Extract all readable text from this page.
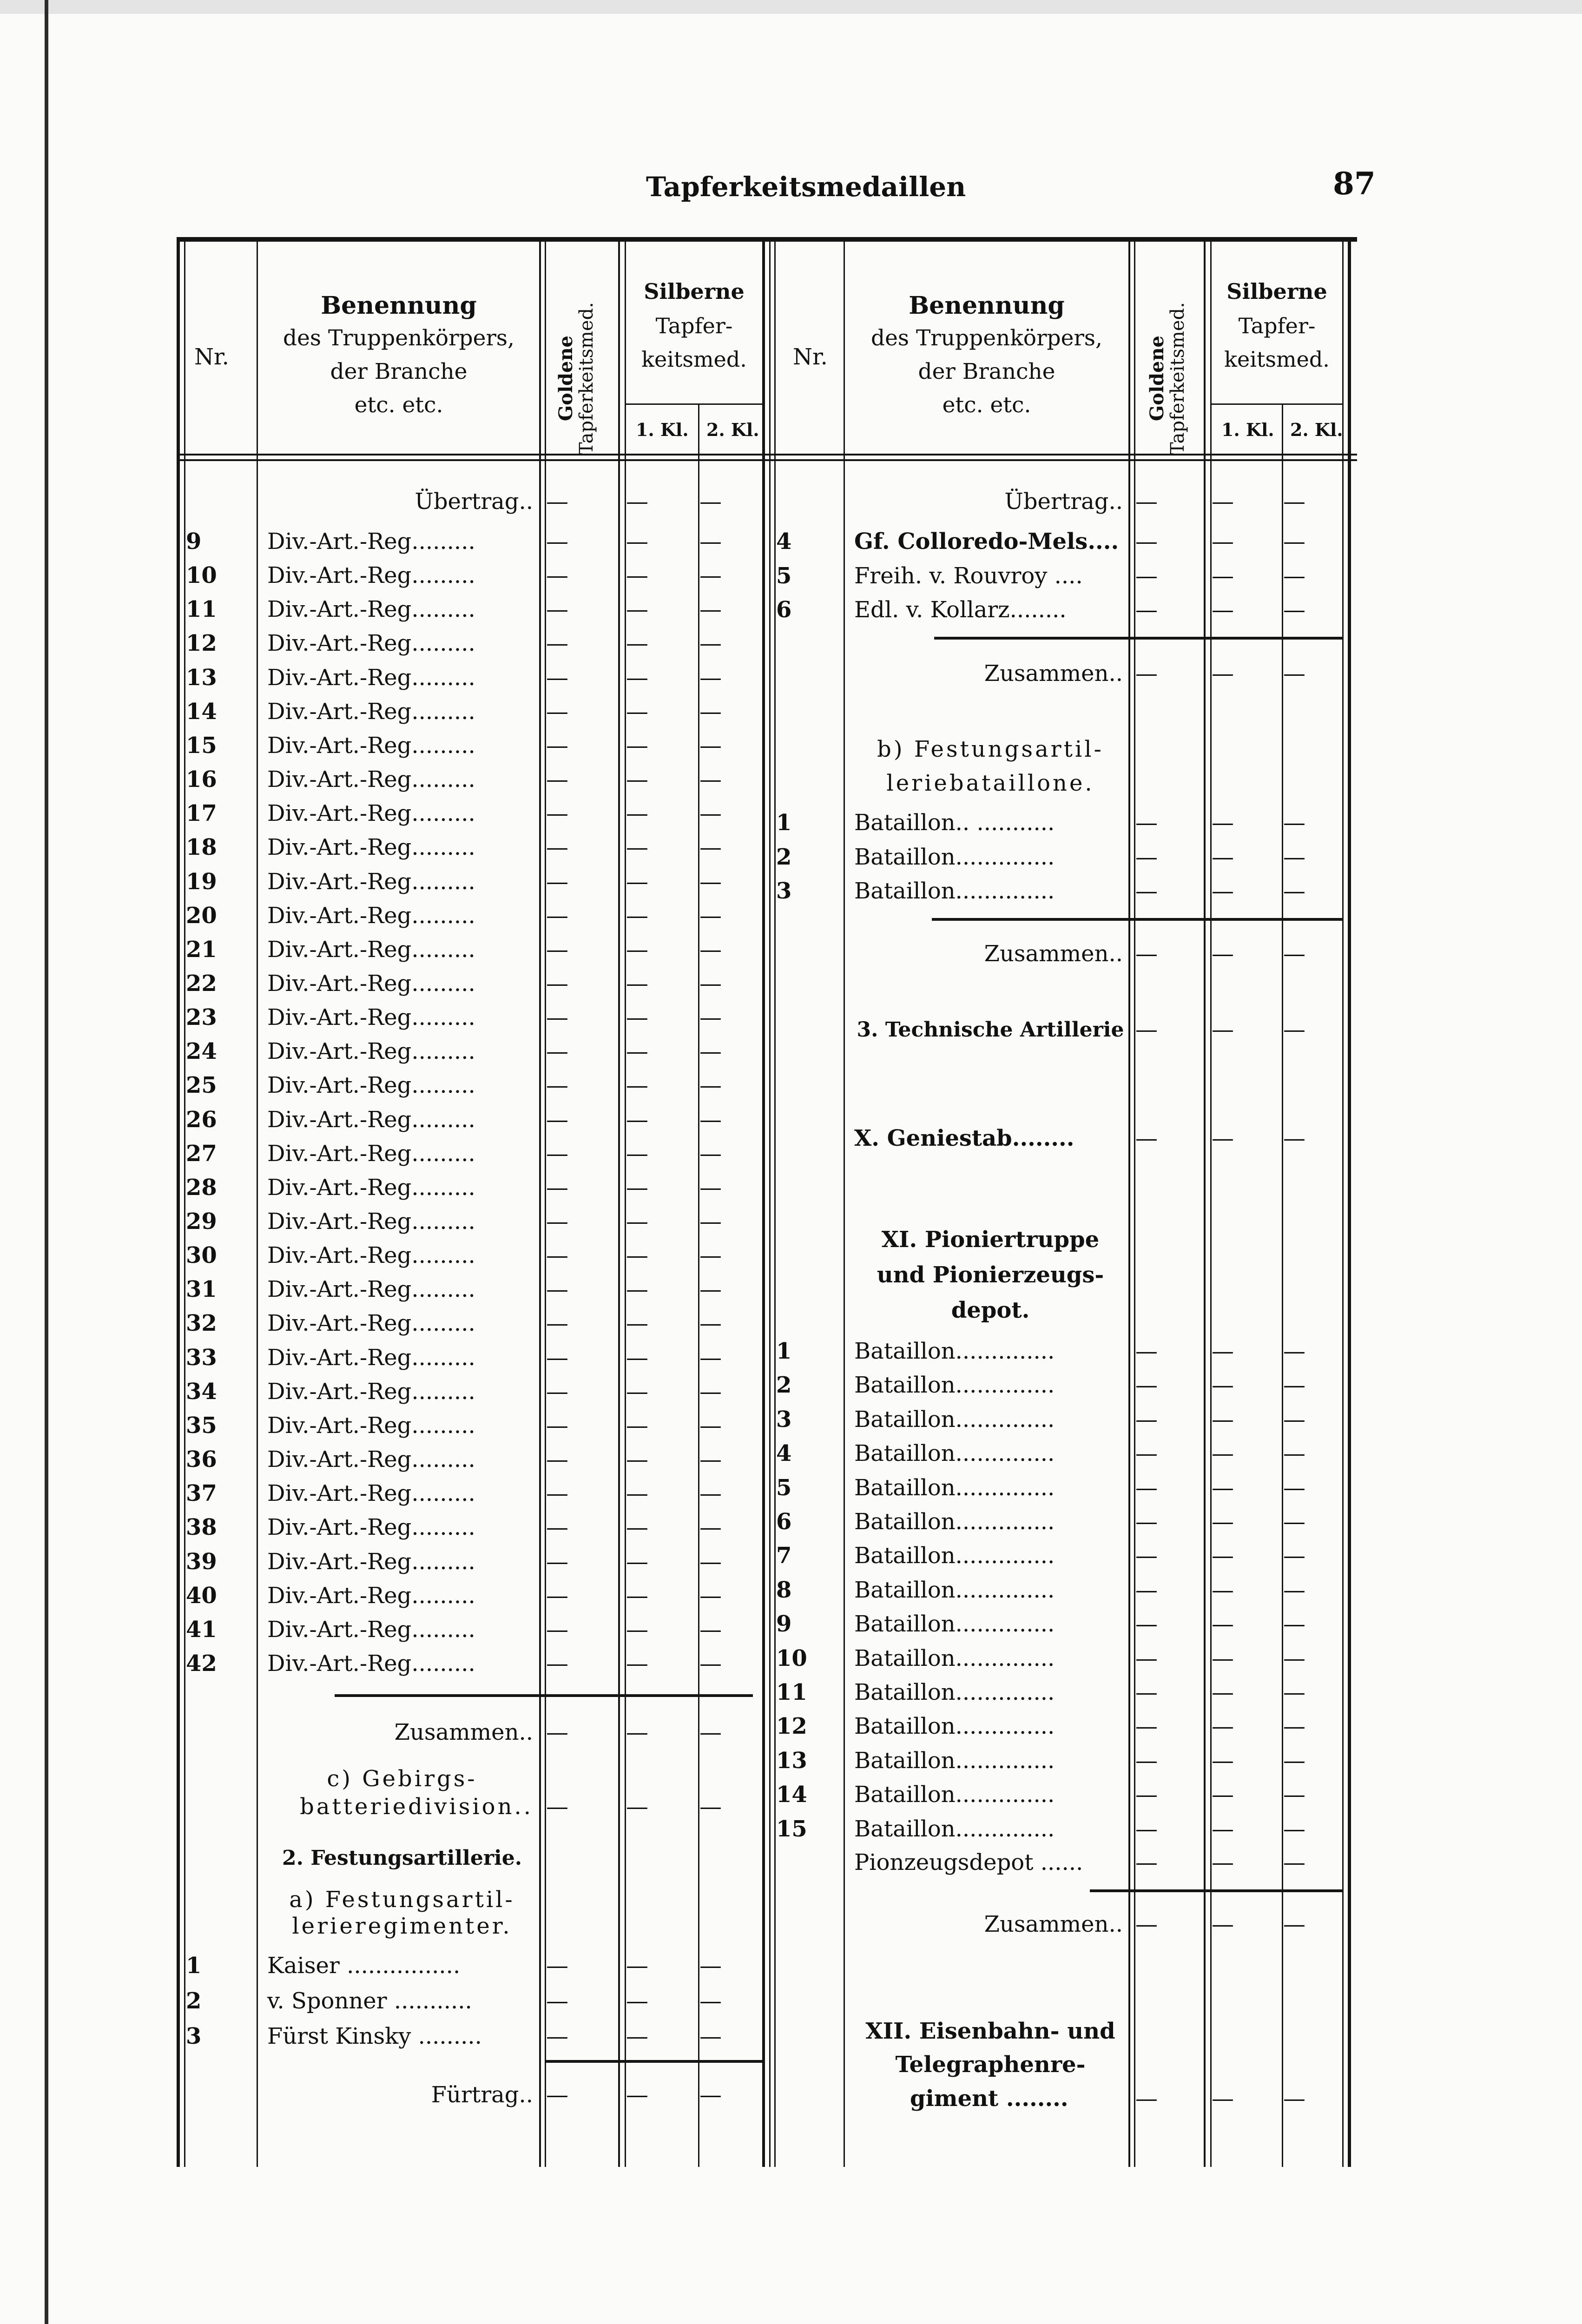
Tapferkeitsmedaillen	87
Nr.
Benennung
des Truppenkörpers,
der Branche
etc. etc.	Goldene
Tapferkeitsmed.
Silberne
Tapfer-
keitsmed.
1. Kl. 2. Kl.
Nr.
Benennung
des Truppenkörpers,
der Branche
etc. etc.	Goldene
Tapferkeitsmed.
Silberne
Tapfer-
keitsmed.
1. Kl. 2. Kl.
Übertrag.. —	—	—
9	Div.-Art.-Reg.........	—	—	—
10	Div.-Art.-Reg.........	—	—	—
11	Div.-Art.-Reg.........	—	—	—
12	Div.-Art.-Reg.........	—	—	—
13	Div.-Art.-Reg.........	—	—	—
14	Div.-Art.-Reg.........	—	—	—
15	Div.-Art.-Reg.........	—	—	—
16	Div.-Art.-Reg.........	—	—	—
17	Div.-Art.-Reg.........	—	—	—
18	Div.-Art.-Reg.........	—	—	—
19	Div.-Art.-Reg.........	—	—	—
20	Div.-Art.-Reg.........	—	—	—
21	Div.-Art.-Reg.........	—	—	—
22	Div.-Art.-Reg.........	—	—	—
23	Div.-Art.-Reg.........	—	—	—
24	Div.-Art.-Reg.........	—	—	—
25	Div.-Art.-Reg.........	—	—	—
26	Div.-Art.-Reg.........	—	—	—
27	Div.-Art.-Reg.........	—	—	—
28	Div.-Art.-Reg.........	—	—	—
29	Div.-Art.-Reg.........	—	—	—
30	Div.-Art.-Reg.........	—	—	—
31	Div.-Art.-Reg.........	—	—	—
32	Div.-Art.-Reg.........	—	—	—
33	Div.-Art.-Reg.........	—	—	—
34	Div.-Art.-Reg.........	—	—	—
35	Div.-Art.-Reg.........	—	—	—
36	Div.-Art.-Reg.........	—	—	—
37	Div.-Art.-Reg.........	—	—	—
38	Div.-Art.-Reg.........	—	—	—
39	Div.-Art.-Reg.........	—	—	—
40	Div.-Art.-Reg.........	—	—	—
41	Div.-Art.-Reg.........	—	—	—
42	Div.-Art.-Reg.........	—	—	—
Zusammen.. —	—	—
c) Gebirgs-
batteriedivision.. —	—	—
2. Festungsartillerie.
a) Festungsartil-
lerieregimenter.
1	Kaiser ................	—	—	—
2	v. Sponner ...........	—	—	—
3	Fürst Kinsky .........	—	—	—
Fürtrag.. —	—	—
Übertrag.. —	—	—
4	Gf. Colloredo-Mels.... —	—	—
5	Freih. v. Rouvroy ....	—	—	—
6	Edl. v. Kollarz........	—	—	—
Zusammen.. —	—	—
b) Festungsartil-
leriebataillone.
1	Bataillon.. ...........	—	—	—
2	Bataillon..............	—	—	—
3	Bataillon..............	—	—	—
Zusammen.. —	—	—
3. Technische Artillerie —	—	—
X. Geniestab........	—	—	—
XI. Pioniertruppe
und Pionierzeugs-
depot.
1	Bataillon..............	—	—	—
2	Bataillon..............	—	—	—
3	Bataillon..............	—	—	—
4	Bataillon..............	—	—	—
5	Bataillon..............	—	—	—
6	Bataillon..............	—	—	—
7	Bataillon..............	—	—	—
8	Bataillon..............	—	—	—
9	Bataillon..............	—	—	—
10	Bataillon..............	—	—	—
11	Bataillon..............	—	—	—
12	Bataillon..............	—	—	—
13	Bataillon..............	—	—	—
14	Bataillon..............	—	—	—
15	Bataillon..............	—	—	—
Pionzeugsdepot ......	—	—	—
Zusammen.. —	—	—
XII. Eisenbahn- und
Telegraphenre-
giment ........	—	—	—
